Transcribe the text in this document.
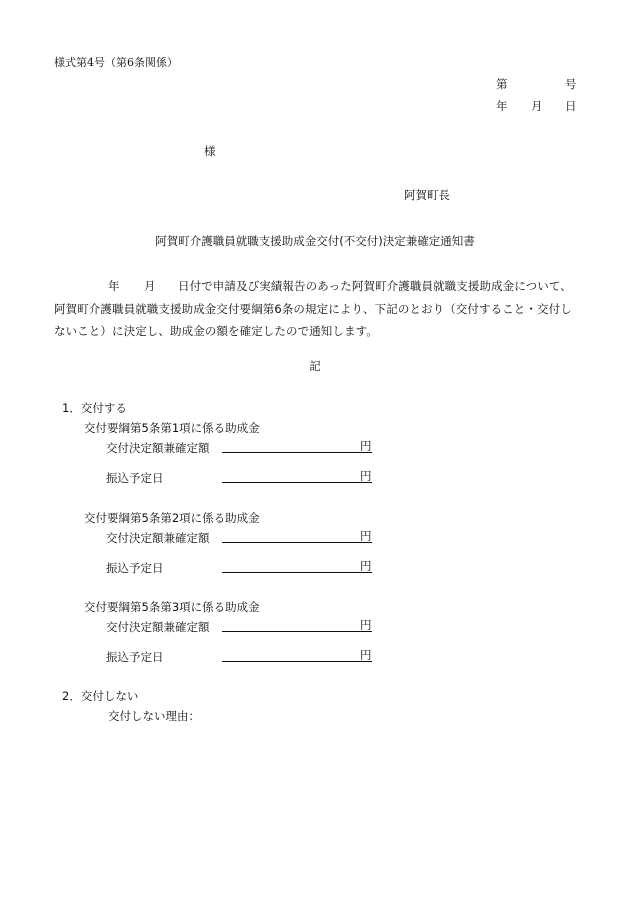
様式第4号（第6条関係）
第	号
年 月 日
様
阿賀町長
阿賀町介護職員就職支援助成金交付(不交付)決定兼確定通知書
年 月 日付で申請及び実績報告のあった阿賀町介護職員就職支援助成金について、
阿賀町介護職員就職支援助成金交付要綱第6条の規定により、下記のとおり（交付すること・交付し
ないこと）に決定し、助成金の額を確定したので通知します。
記
1．交付する
交付要綱第5条第1項に係る助成金
交付決定額兼確定額	円
振込予定日	円
交付要綱第5条第2項に係る助成金
交付決定額兼確定額	円
振込予定日	円
交付要綱第5条第3項に係る助成金
交付決定額兼確定額	円
振込予定日	円
2．交付しない
交付しない理由：
